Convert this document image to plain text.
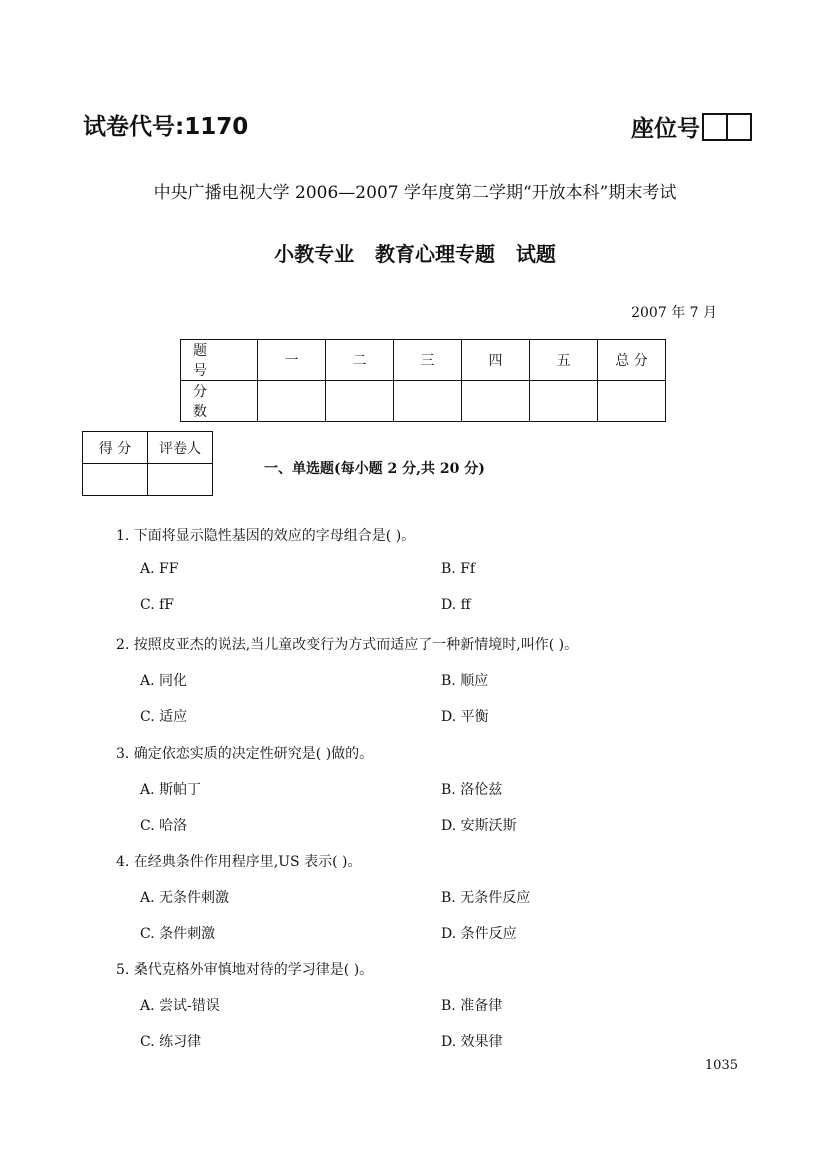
试卷代号:1170	座位号
中央广播电视大学 2006—2007 学年度第二学期“开放本科”期末考试
小教专业   教育心理专题   试题
2007 年 7 月
题 号	一	二	三	四	五	总 分
分 数						
得 分	评卷人

一、单选题(每小题 2 分,共 20 分)
1. 下面将显示隐性基因的效应的字母组合是( )。
A. FF	B. Ff
C. fF	D. ff
2. 按照皮亚杰的说法,当儿童改变行为方式而适应了一种新情境时,叫作( )。
A. 同化	B. 顺应
C. 适应	D. 平衡
3. 确定依恋实质的决定性研究是( )做的。
A. 斯帕丁	B. 洛伦兹
C. 哈洛	D. 安斯沃斯
4. 在经典条件作用程序里,US 表示( )。
A. 无条件刺激	B. 无条件反应
C. 条件刺激	D. 条件反应
5. 桑代克格外审慎地对待的学习律是( )。
A. 尝试-错误	B. 准备律
C. 练习律	D. 效果律
1035
